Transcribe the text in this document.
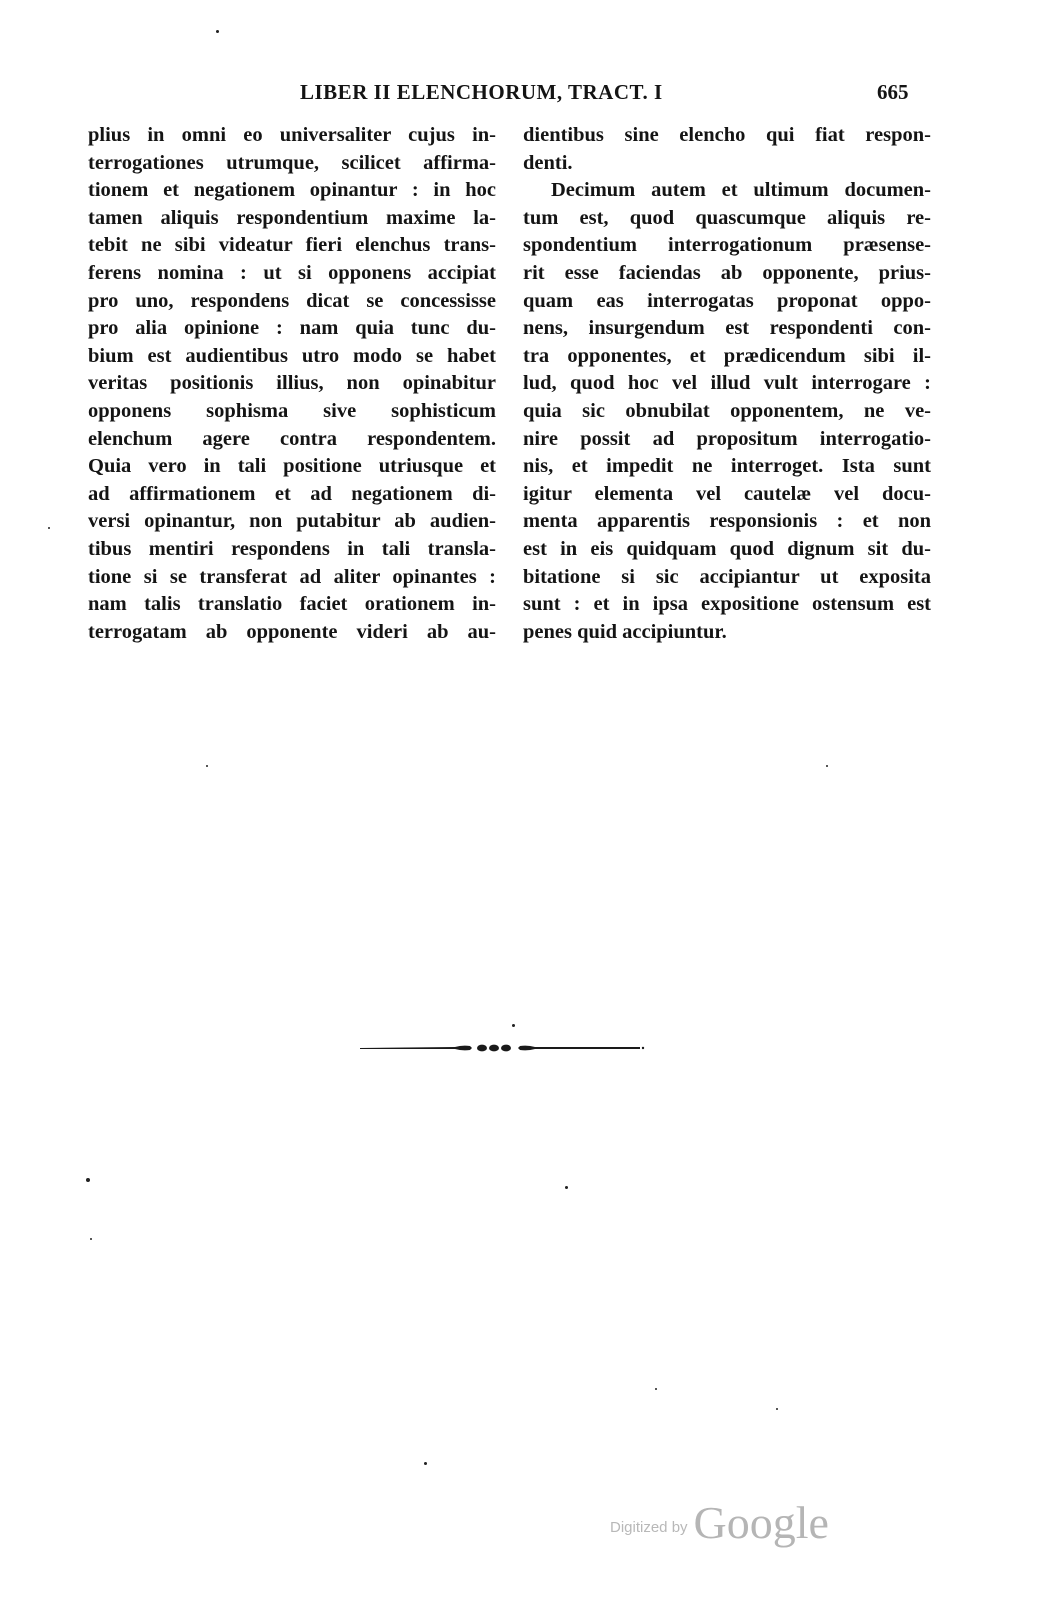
LIBER II ELENCHORUM, TRACT. I	665
plius in omni eo universaliter cujus in-
terrogationes utrumque, scilicet affirma-
tionem et negationem opinantur : in hoc
tamen aliquis respondentium maxime la-
tebit ne sibi videatur fieri elenchus trans-
ferens nomina : ut si opponens accipiat
pro uno, respondens dicat se concessisse
pro alia opinione : nam quia tunc du-
bium est audientibus utro modo se habet
veritas positionis illius, non opinabitur
opponens sophisma sive sophisticum
elenchum agere contra respondentem.
Quia vero in tali positione utriusque et
ad affirmationem et ad negationem di-
versi opinantur, non putabitur ab audien-
tibus mentiri respondens in tali transla-
tione si se transferat ad aliter opinantes :
nam talis translatio faciet orationem in-
terrogatam ab opponente videri ab au-
dientibus sine elencho qui fiat respon-
denti.
Decimum autem et ultimum documen-
tum est, quod quascumque aliquis re-
spondentium interrogationum præsense-
rit esse faciendas ab opponente, prius-
quam eas interrogatas proponat oppo-
nens, insurgendum est respondenti con-
tra opponentes, et prædicendum sibi il-
lud, quod hoc vel illud vult interrogare :
quia sic obnubilat opponentem, ne ve-
nire possit ad propositum interrogatio-
nis, et impedit ne interroget. Ista sunt
igitur elementa vel cautelæ vel docu-
menta apparentis responsionis : et non
est in eis quidquam quod dignum sit du-
bitatione si sic accipiantur ut exposita
sunt : et in ipsa expositione ostensum est
penes quid accipiuntur.
Digitized by Google
